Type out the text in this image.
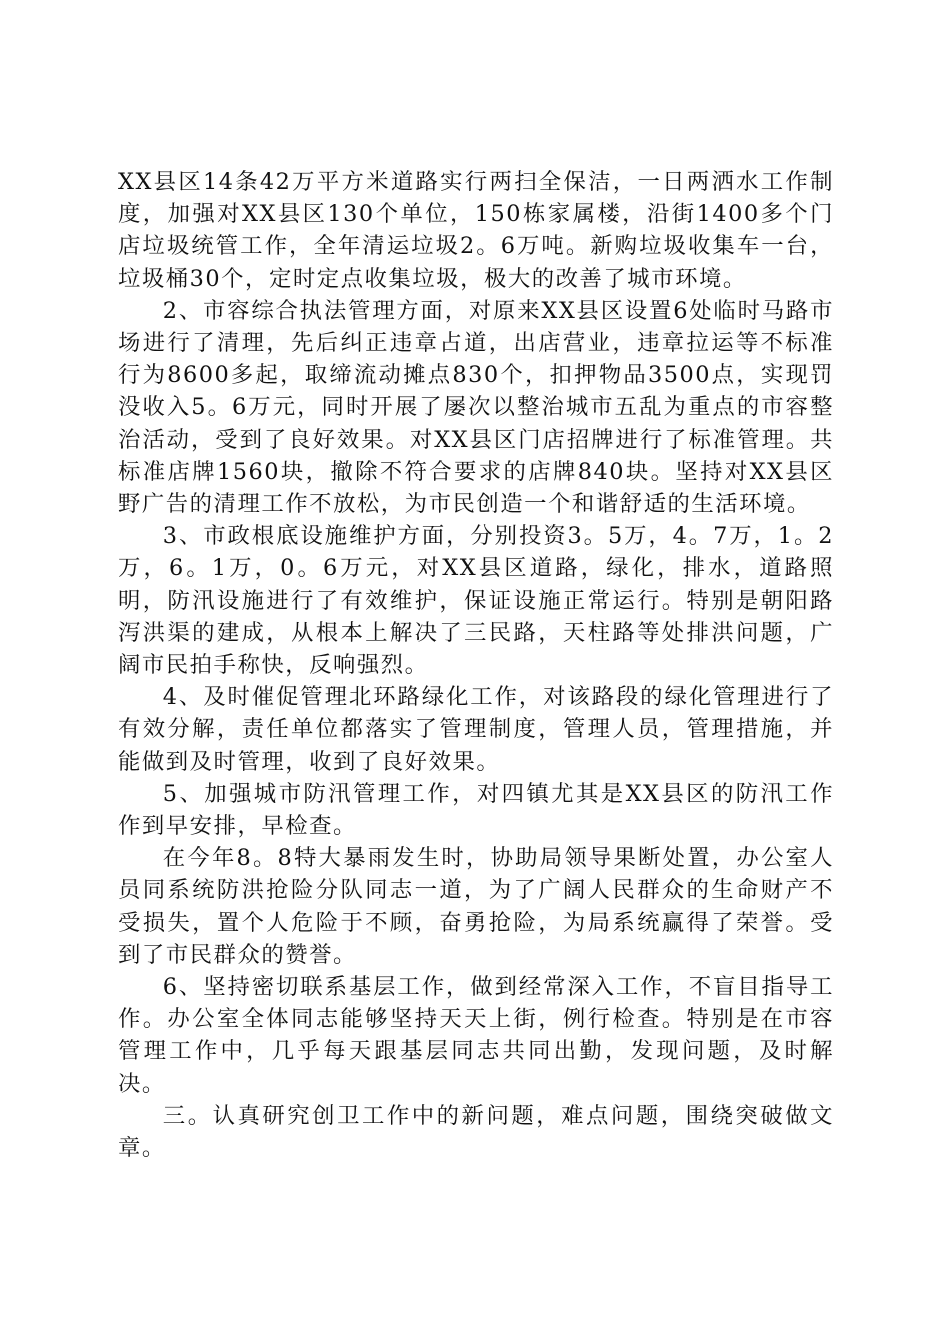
XX县区14条42万平方米道路实行两扫全保洁，一日两洒水工作制度，加强对XX县区130个单位，150栋家属楼，沿街1400多个门店垃圾统管工作，全年清运垃圾2。6万吨。新购垃圾收集车一台，垃圾桶30个，定时定点收集垃圾，极大的改善了城市环境。

2、市容综合执法管理方面，对原来XX县区设置6处临时马路市场进行了清理，先后纠正违章占道，出店营业，违章拉运等不标准行为8600多起，取缔流动摊点830个，扣押物品3500点，实现罚没收入5。6万元，同时开展了屡次以整治城市五乱为重点的市容整治活动，受到了良好效果。对XX县区门店招牌进行了标准管理。共标准店牌1560块，撤除不符合要求的店牌840块。坚持对XX县区野广告的清理工作不放松，为市民创造一个和谐舒适的生活环境。

3、市政根底设施维护方面，分别投资3。5万，4。7万，1。2万，6。1万，0。6万元，对XX县区道路，绿化，排水，道路照明，防汛设施进行了有效维护，保证设施正常运行。特别是朝阳路泻洪渠的建成，从根本上解决了三民路，天柱路等处排洪问题，广阔市民拍手称快，反响强烈。

4、及时催促管理北环路绿化工作，对该路段的绿化管理进行了有效分解，责任单位都落实了管理制度，管理人员，管理措施，并能做到及时管理，收到了良好效果。

5、加强城市防汛管理工作，对四镇尤其是XX县区的防汛工作作到早安排，早检查。

在今年8。8特大暴雨发生时，协助局领导果断处置，办公室人员同系统防洪抢险分队同志一道，为了广阔人民群众的生命财产不受损失，置个人危险于不顾，奋勇抢险，为局系统赢得了荣誉。受到了市民群众的赞誉。

6、坚持密切联系基层工作，做到经常深入工作，不盲目指导工作。办公室全体同志能够坚持天天上街，例行检查。特别是在市容管理工作中，几乎每天跟基层同志共同出勤，发现问题，及时解决。

三。认真研究创卫工作中的新问题，难点问题，围绕突破做文章。
